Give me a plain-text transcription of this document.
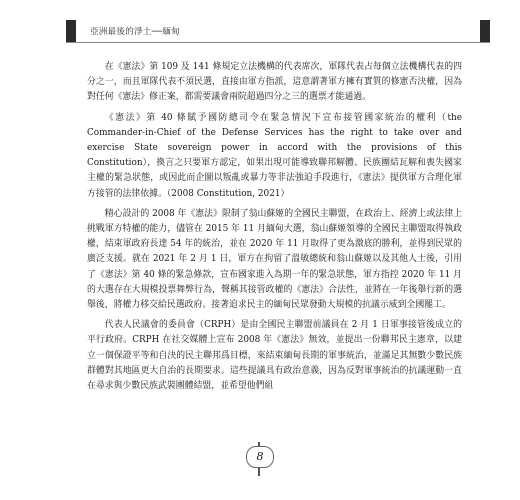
亞洲最後的淨土──緬甸

在《憲法》第 109 及 141 條規定立法機構的代表席次，軍隊代表占每個立法機構代表的四分之一，而且軍隊代表不須民選，直接由軍方指派，這意謂著軍方擁有實質的修憲否決權，因為對任何《憲法》修正案，都需要議會兩院超過四分之三的選票才能通過。

《憲法》第 40 條賦予國防總司令在緊急情況下宣布接管國家統治的權利（the Commander-in-Chief of the Defense Services has the right to take over and exercise State sovereign power in accord with the provisions of this Constitution），換言之只要軍方認定，如果出現可能導致聯邦解體、民族團結瓦解和喪失國家主權的緊急狀態，或因此而企圖以叛亂或暴力等非法強迫手段進行，《憲法》提供軍方合理化軍方接管的法律依據。（2008 Constitution, 2021）

精心設計的 2008 年《憲法》限制了翁山蘇姬的全國民主聯盟，在政治上、經濟上或法律上挑戰軍方特權的能力，儘管在 2015 年 11 月緬甸大選，翁山蘇姬領導的全國民主聯盟取得執政權，結束軍政府長達 54 年的統治，並在 2020 年 11 月取得了更為激底的勝利，並得到民眾的廣泛支援。就在 2021 年 2 月 1 日，軍方在拘留了溫敏總統和翁山蘇姬以及其他人士後，引用了《憲法》第 40 條的緊急條款，宣布國家進入為期一年的緊急狀態，軍方指控 2020 年 11 月的大選存在大規模投票舞弊行為，聲稱其接管政權的《憲法》合法性，並將在一年後舉行新的選舉後，將權力移交給民選政府。接著追求民主的緬甸民眾發動大規模的抗議示威到全國罷工。

代表人民議會的委員會（CRPH）是由全國民主聯盟前議員在 2 月 1 日軍事接管後成立的平行政府。CRPH 在社交媒體上宣布 2008 年《憲法》無效，並提出一份聯邦民主憲章，以建立一個保證平等和自決的民主聯邦爲目標，來結束緬甸長期的軍事統治，並滿足其無數少數民族群體對其地區更大自治的長期要求。這些提議具有政治意義，因為反對軍事統治的抗議運動一直在尋求與少數民族武裝團體結盟，並希望他們組

8
